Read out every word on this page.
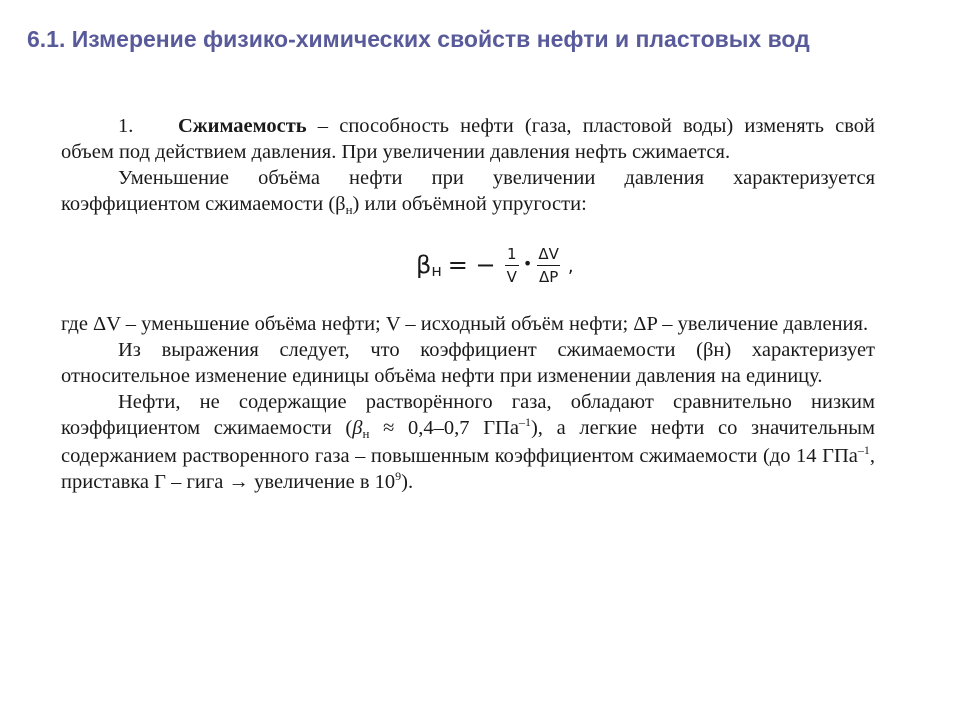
6.1. Измерение физико-химических свойств нефти и пластовых вод

1. Сжимаемость – способность нефти (газа, пластовой воды) изменять свой объем под действием давления. При увеличении давления нефть сжимается.

Уменьшение объёма нефти при увеличении давления характеризуется коэффициентом сжимаемости (βн) или объёмной упругости:

β н = − $\frac{1}{V}$ • $\frac{\Delta V}{\Delta P}$ ,

где ΔV – уменьшение объёма нефти; V – исходный объём нефти; ΔP – увеличение давления.

Из выражения следует, что коэффициент сжимаемости (βн) характеризует относительное изменение единицы объёма нефти при изменении давления на единицу.

Нефти, не содержащие растворённого газа, обладают сравнительно низким коэффициентом сжимаемости (βн ≈ 0,4–0,7 ГПа$^{-1}$), а легкие нефти со значительным содержанием растворенного газа – повышенным коэффициентом сжимаемости (до 14 ГПа$^{-1}$, приставка Г – гига → увеличение в $10^9$).
